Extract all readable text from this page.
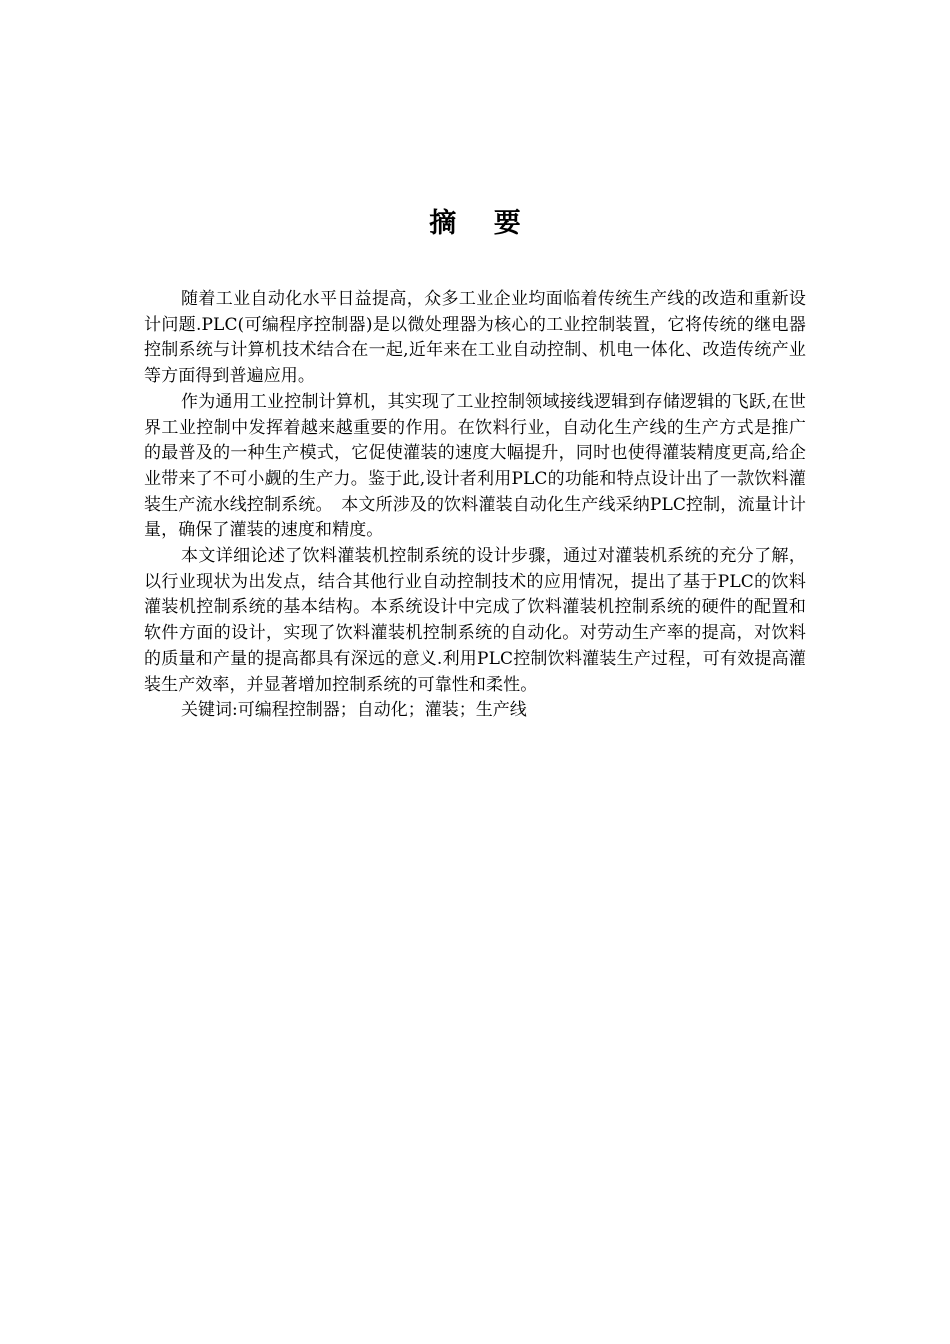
摘 要

随着工业自动化水平日益提高，众多工业企业均面临着传统生产线的改造和重新设计问题.PLC(可编程序控制器)是以微处理器为核心的工业控制装置，它将传统的继电器控制系统与计算机技术结合在一起,近年来在工业自动控制、机电一体化、改造传统产业等方面得到普遍应用。

作为通用工业控制计算机，其实现了工业控制领域接线逻辑到存储逻辑的飞跃,在世界工业控制中发挥着越来越重要的作用。在饮料行业，自动化生产线的生产方式是推广的最普及的一种生产模式，它促使灌装的速度大幅提升，同时也使得灌装精度更高,给企业带来了不可小觑的生产力。鉴于此,设计者利用PLC的功能和特点设计出了一款饮料灌装生产流水线控制系统。　本文所涉及的饮料灌装自动化生产线采纳PLC控制，流量计计量，确保了灌装的速度和精度。

本文详细论述了饮料灌装机控制系统的设计步骤，通过对灌装机系统的充分了解，以行业现状为出发点，结合其他行业自动控制技术的应用情况，提出了基于PLC的饮料灌装机控制系统的基本结构。本系统设计中完成了饮料灌装机控制系统的硬件的配置和软件方面的设计，实现了饮料灌装机控制系统的自动化。对劳动生产率的提高，对饮料的质量和产量的提高都具有深远的意义.利用PLC控制饮料灌装生产过程，可有效提高灌装生产效率，并显著增加控制系统的可靠性和柔性。

关键词:可编程控制器；自动化；灌装；生产线
